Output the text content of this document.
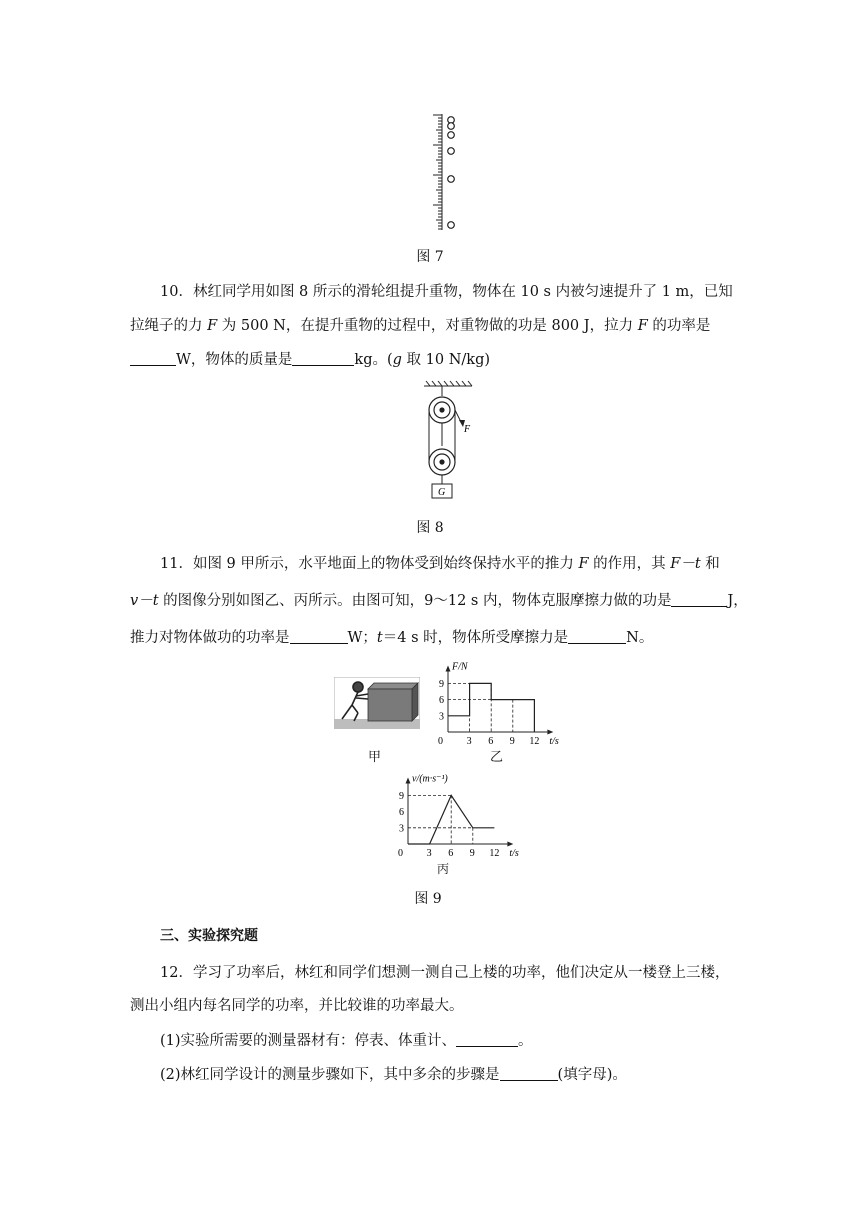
图 7
10．林红同学用如图 8 所示的滑轮组提升重物，物体在 10 s 内被匀速提升了 1 m，已知
拉绳子的力 F 为 500 N，在提升重物的过程中，对重物做的功是 800 J，拉力 F 的功率是
W，物体的质量是	kg。(g 取 10 N/kg)
F
G
图 8
11．如图 9 甲所示，水平地面上的物体受到始终保持水平的推力 F 的作用，其 F－t 和
v－t 的图像分别如图乙、丙所示。由图可知，9～12 s 内，物体克服摩擦力做的功是	J，
推力对物体做功的功率是	W；t＝4 s 时，物体所受摩擦力是	N。
甲
0 3 6 9 12
3
6
9
t/s
F/N
乙
0 3 6 9 12
3
6
9
t/s
v/(m·s⁻¹)
丙
图 9
三、实验探究题
12．学习了功率后，林红和同学们想测一测自己上楼的功率，他们决定从一楼登上三楼，
测出小组内每名同学的功率，并比较谁的功率最大。
(1)实验所需要的测量器材有：停表、体重计、	。
(2)林红同学设计的测量步骤如下，其中多余的步骤是	(填字母)。
